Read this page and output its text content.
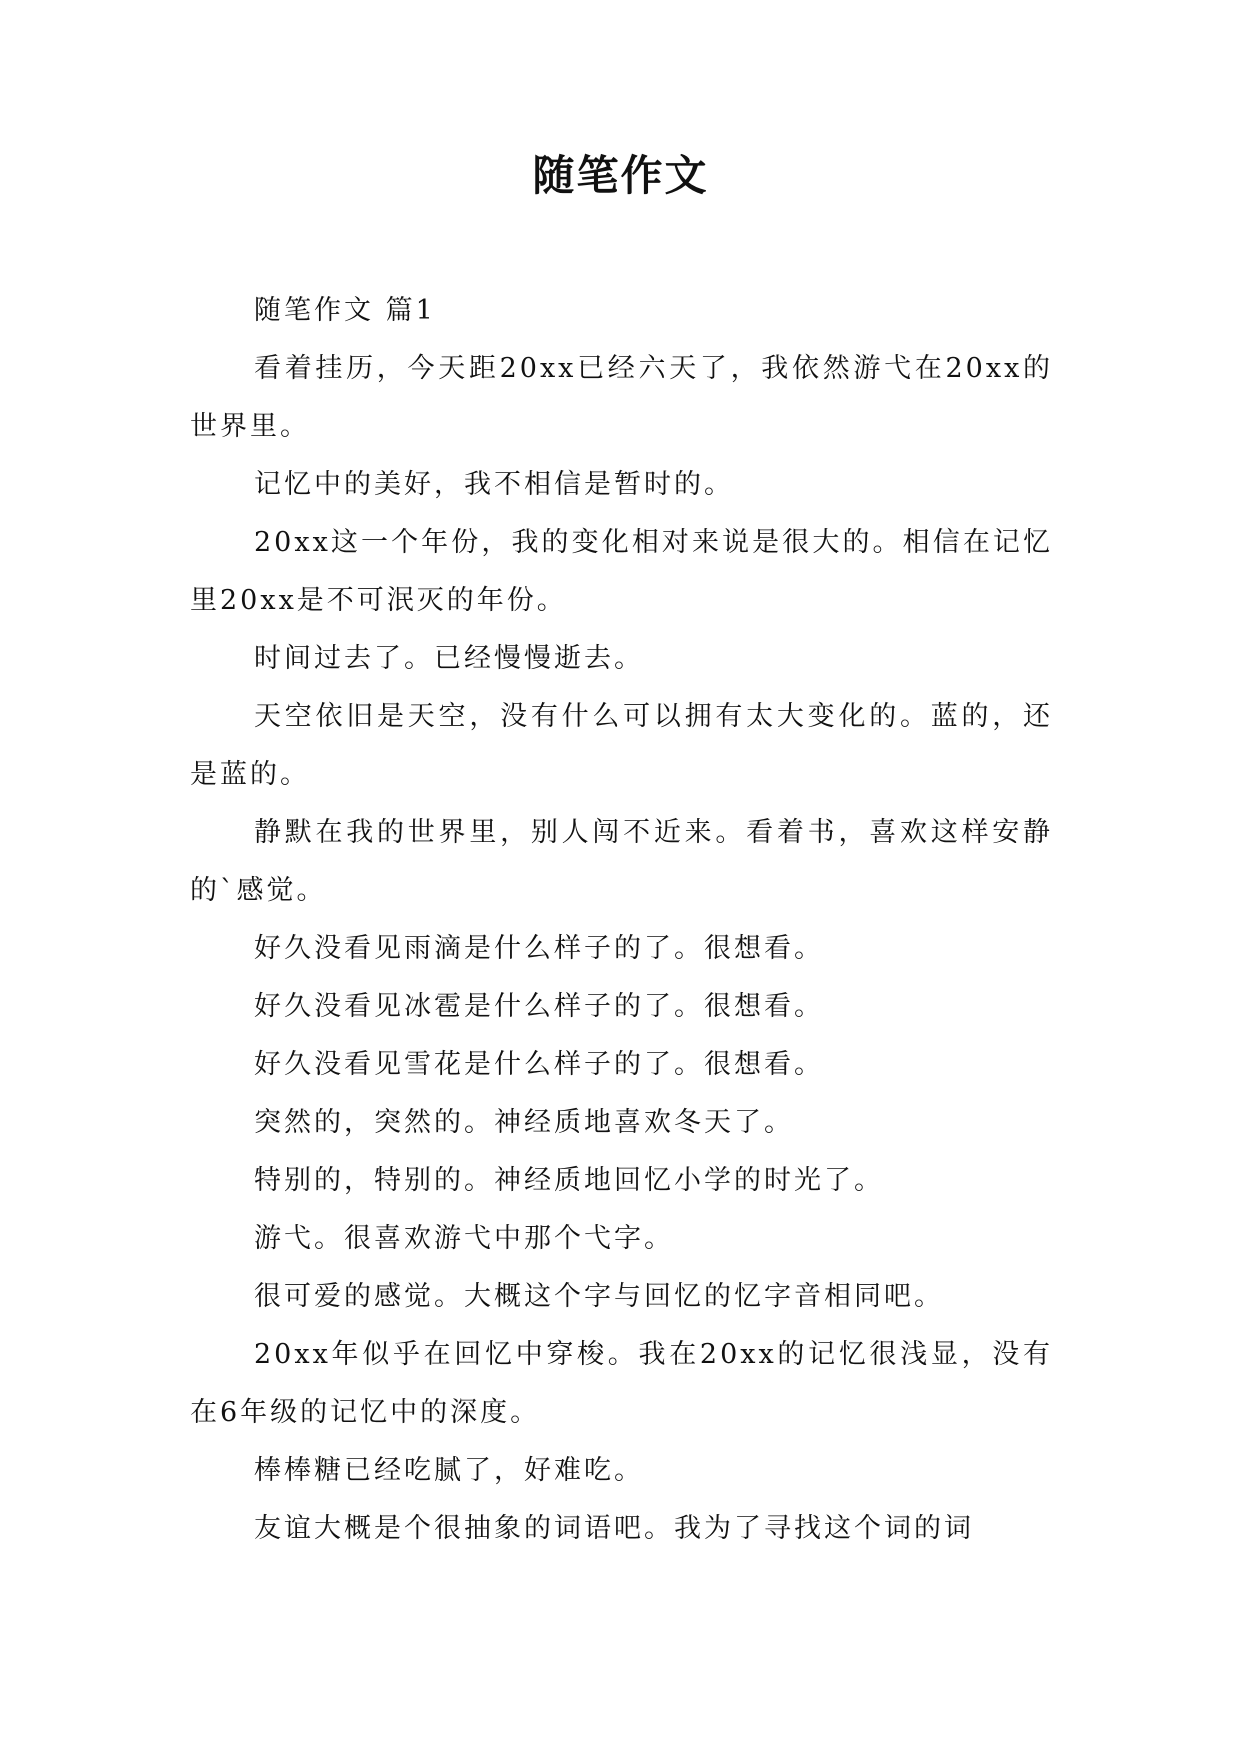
随笔作文

随笔作文 篇1

看着挂历，今天距20xx已经六天了，我依然游弋在20xx的世界里。

记忆中的美好，我不相信是暂时的。

20xx这一个年份，我的变化相对来说是很大的。相信在记忆里20xx是不可泯灭的年份。

时间过去了。已经慢慢逝去。

天空依旧是天空，没有什么可以拥有太大变化的。蓝的，还是蓝的。

静默在我的世界里，别人闯不近来。看着书，喜欢这样安静的`感觉。

好久没看见雨滴是什么样子的了。很想看。

好久没看见冰雹是什么样子的了。很想看。

好久没看见雪花是什么样子的了。很想看。

突然的，突然的。神经质地喜欢冬天了。

特别的，特别的。神经质地回忆小学的时光了。

游弋。很喜欢游弋中那个弋字。

很可爱的感觉。大概这个字与回忆的忆字音相同吧。

20xx年似乎在回忆中穿梭。我在20xx的记忆很浅显，没有在6年级的记忆中的深度。

棒棒糖已经吃腻了，好难吃。

友谊大概是个很抽象的词语吧。我为了寻找这个词的词
